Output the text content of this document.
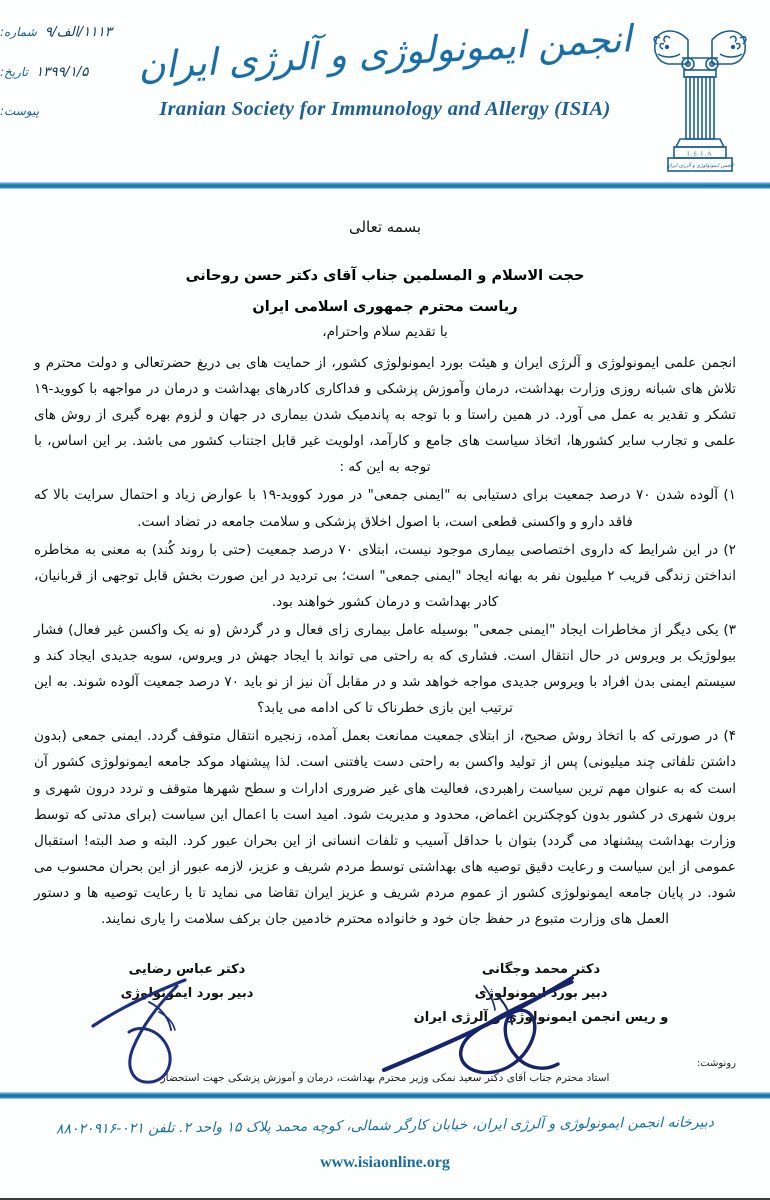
شماره: ۱۱۱۳/الف/۹
تاریخ: ۱۳۹۹/۱/۵
پیوست:
انجمن ایمونولوژی و آلرژی ایران
Iranian Society for Immunology and Allergy (ISIA)
I.S.I.A
انجمن ایمونولوژی و آلرژی ایران
بسمه تعالی
حجت الاسلام و المسلمین جناب آقای دکتر حسن روحانی
ریاست محترم جمهوری اسلامی ایران
با تقدیم سلام واحترام،

انجمن علمی ایمونولوژی و آلرژی ایران و هیئت بورد ایمونولوژی کشور، از حمایت های بی دریغ حضرتعالی و دولت محترم و تلاش های شبانه روزی وزارت بهداشت، درمان وآموزش پزشکی و فداکاری کادرهای بهداشت و درمان در مواجهه با کووید-۱۹ تشکر و تقدیر به عمل می آورد. در همین راستا و با توجه به پاندمیک شدن بیماری در جهان و لزوم بهره گیری از روش های علمی و تجارب سایر کشورها، اتخاذ سیاست های جامع و کارآمد، اولویت غیر قابل اجتناب کشور می باشد. بر این اساس، با توجه به این که :

۱) آلوده شدن ۷۰ درصد جمعیت برای دستیابی به "ایمنی جمعی" در مورد کووید-۱۹ با عوارض زیاد و احتمال سرایت بالا که فاقد دارو و واکسنی قطعی است، با اصول اخلاق پزشکی و سلامت جامعه در تضاد است.

۲) در این شرایط که داروی اختصاصی بیماری موجود نیست، ابتلای ۷۰ درصد جمعیت (حتی با روند کُند) به معنی به مخاطره انداختن زندگی قریب ۲ میلیون نفر به بهانه ایجاد "ایمنی جمعی" است؛ بی تردید در این صورت بخش قابل توجهی از قربانیان، کادر بهداشت و درمان کشور خواهند بود.

۳) یکی دیگر از مخاطرات ایجاد "ایمنی جمعی" بوسیله عامل بیماری زای فعال و در گردش (و نه یک واکسن غیر فعال) فشار بیولوژیک بر ویروس در حال انتقال است. فشاری که به راحتی می تواند با ایجاد جهش در ویروس، سویه جدیدی ایجاد کند و سیستم ایمنی بدن افراد با ویروس جدیدی مواجه خواهد شد و در مقابل آن نیز از نو باید ۷۰ درصد جمعیت آلوده شوند. به این ترتیب این بازی خطرناک تا کی ادامه می یابد؟

۴) در صورتی که با اتخاذ روش صحیح، از ابتلای جمعیت ممانعت بعمل آمده، زنجیره انتقال متوقف گردد. ایمنی جمعی (بدون داشتن تلفاتی چند میلیونی) پس از تولید واکسن به راحتی دست یافتنی است. لذا پیشنهاد موکد جامعه ایمونولوژی کشور آن است که به عنوان مهم ترین سیاست راهبردی، فعالیت های غیر ضروری ادارات و سطح شهرها متوقف و تردد درون شهری و برون شهری در کشور بدون کوچکترین اغماض، محدود و مدیریت شود. امید است با اعمال این سیاست (برای مدتی که توسط وزارت بهداشت پیشنهاد می گردد) بتوان با حداقل آسیب و تلفات انسانی از این بحران عبور کرد. البته و صد البته! استقبال عمومی از این سیاست و رعایت دقیق توصیه های بهداشتی توسط مردم شریف و عزیز، لازمه عبور از این بحران محسوب می شود. در پایان جامعه ایمونولوژی کشور از عموم مردم شریف و عزیز ایران تقاضا می نماید تا با رعایت توصیه ها و دستور العمل های وزارت متبوع در حفظ جان خود و خانواده محترم خادمین جان برکف سلامت را یاری نمایند.

دکتر محمد وجگانی
دبیر بورد ایمونولوژی
و ریس انجمن ایمونولوژی و آلرژی ایران
دکتر عباس رضایی
دبیر بورد ایمونولوژی

رونوشت:

استاد محترم جناب آقای دکتر سعید نمکی وزیر محترم بهداشت، درمان و آموزش پزشکی جهت استحضار

دبیرخانه انجمن ایمونولوژی و آلرژی ایران، خیابان کارگر شمالی، کوچه محمد پلاک ۱۵ واحد ۲. تلفن ۰۲۱-۸۸۰۲۰۹۱۶
www.isiaonline.org
